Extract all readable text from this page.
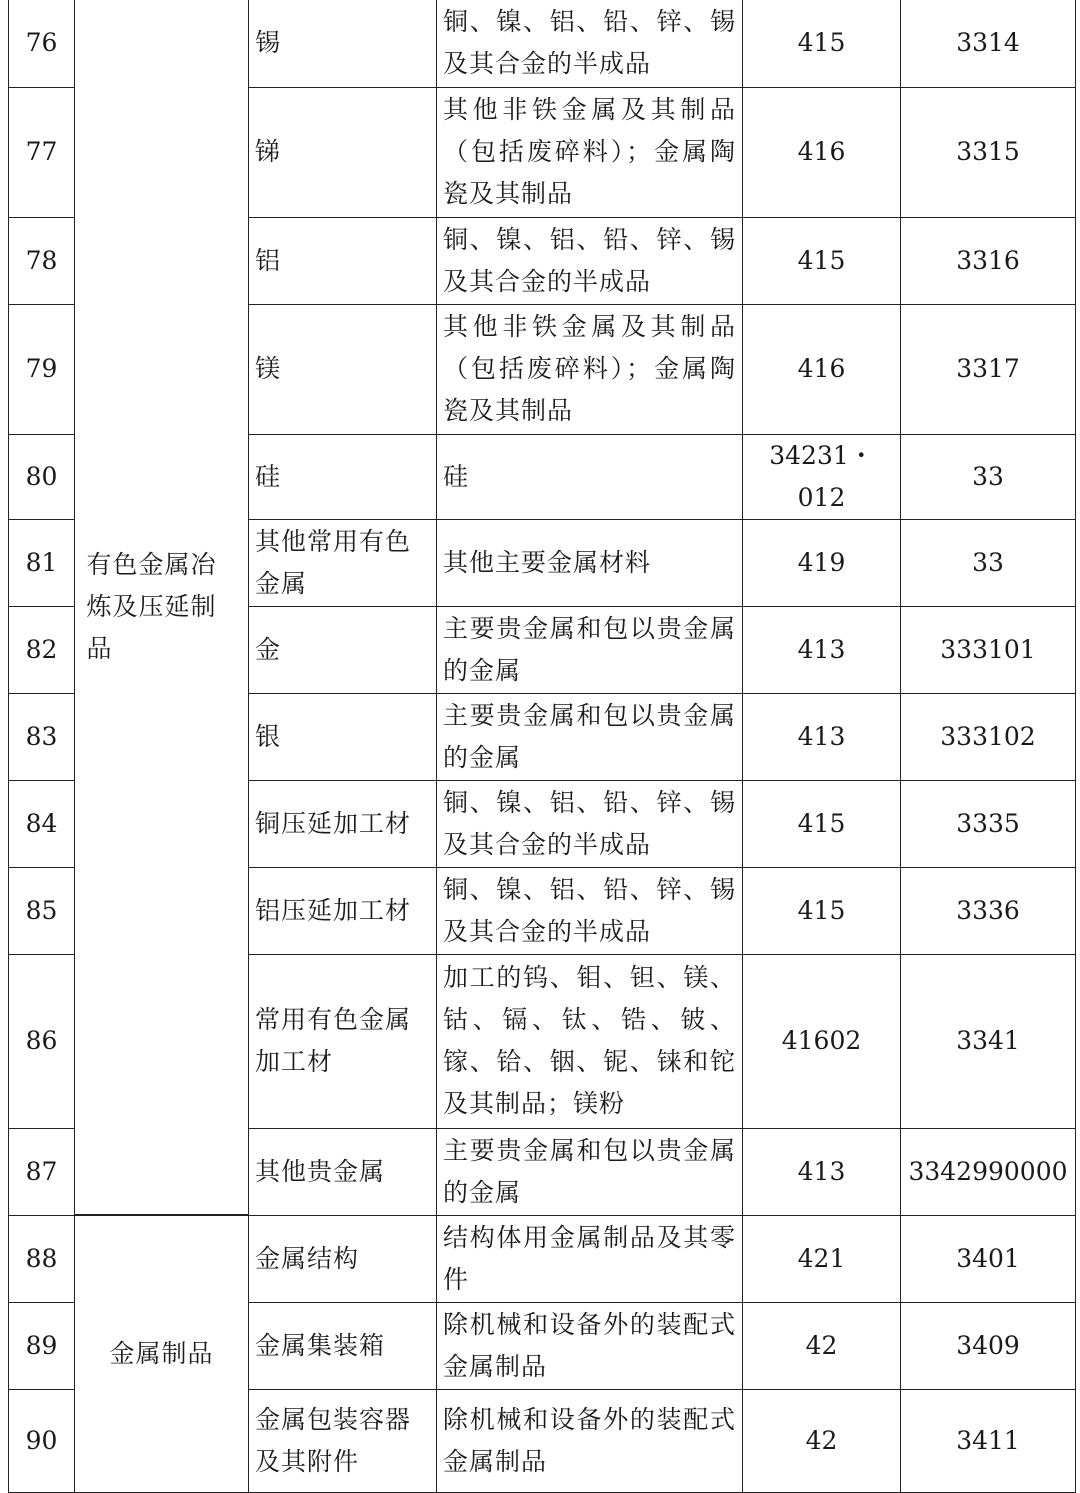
76	有色金属冶炼及压延制品	锡	铜、镍、铝、铅、锌、锡及其合金的半成品	415	3314
77		锑	其他非铁金属及其制品（包括废碎料）；金属陶瓷及其制品	416	3315
78		铝	铜、镍、铝、铅、锌、锡及其合金的半成品	415	3316
79		镁	其他非铁金属及其制品（包括废碎料）；金属陶瓷及其制品	416	3317
80		硅	硅	34231・012	33
81		其他常用有色金属	其他主要金属材料	419	33
82		金	主要贵金属和包以贵金属的金属	413	333101
83		银	主要贵金属和包以贵金属的金属	413	333102
84		铜压延加工材	铜、镍、铝、铅、锌、锡及其合金的半成品	415	3335
85		铝压延加工材	铜、镍、铝、铅、锌、锡及其合金的半成品	415	3336
86		常用有色金属加工材	加工的钨、钼、钽、镁、钴、镉、钛、锆、铍、镓、铪、铟、铌、铼和铊及其制品；镁粉	41602	3341
87		其他贵金属	主要贵金属和包以贵金属的金属	413	3342990000
88	金属制品	金属结构	结构体用金属制品及其零件	421	3401
89		金属集装箱	除机械和设备外的装配式金属制品	42	3409
90		金属包装容器及其附件	除机械和设备外的装配式金属制品	42	3411
